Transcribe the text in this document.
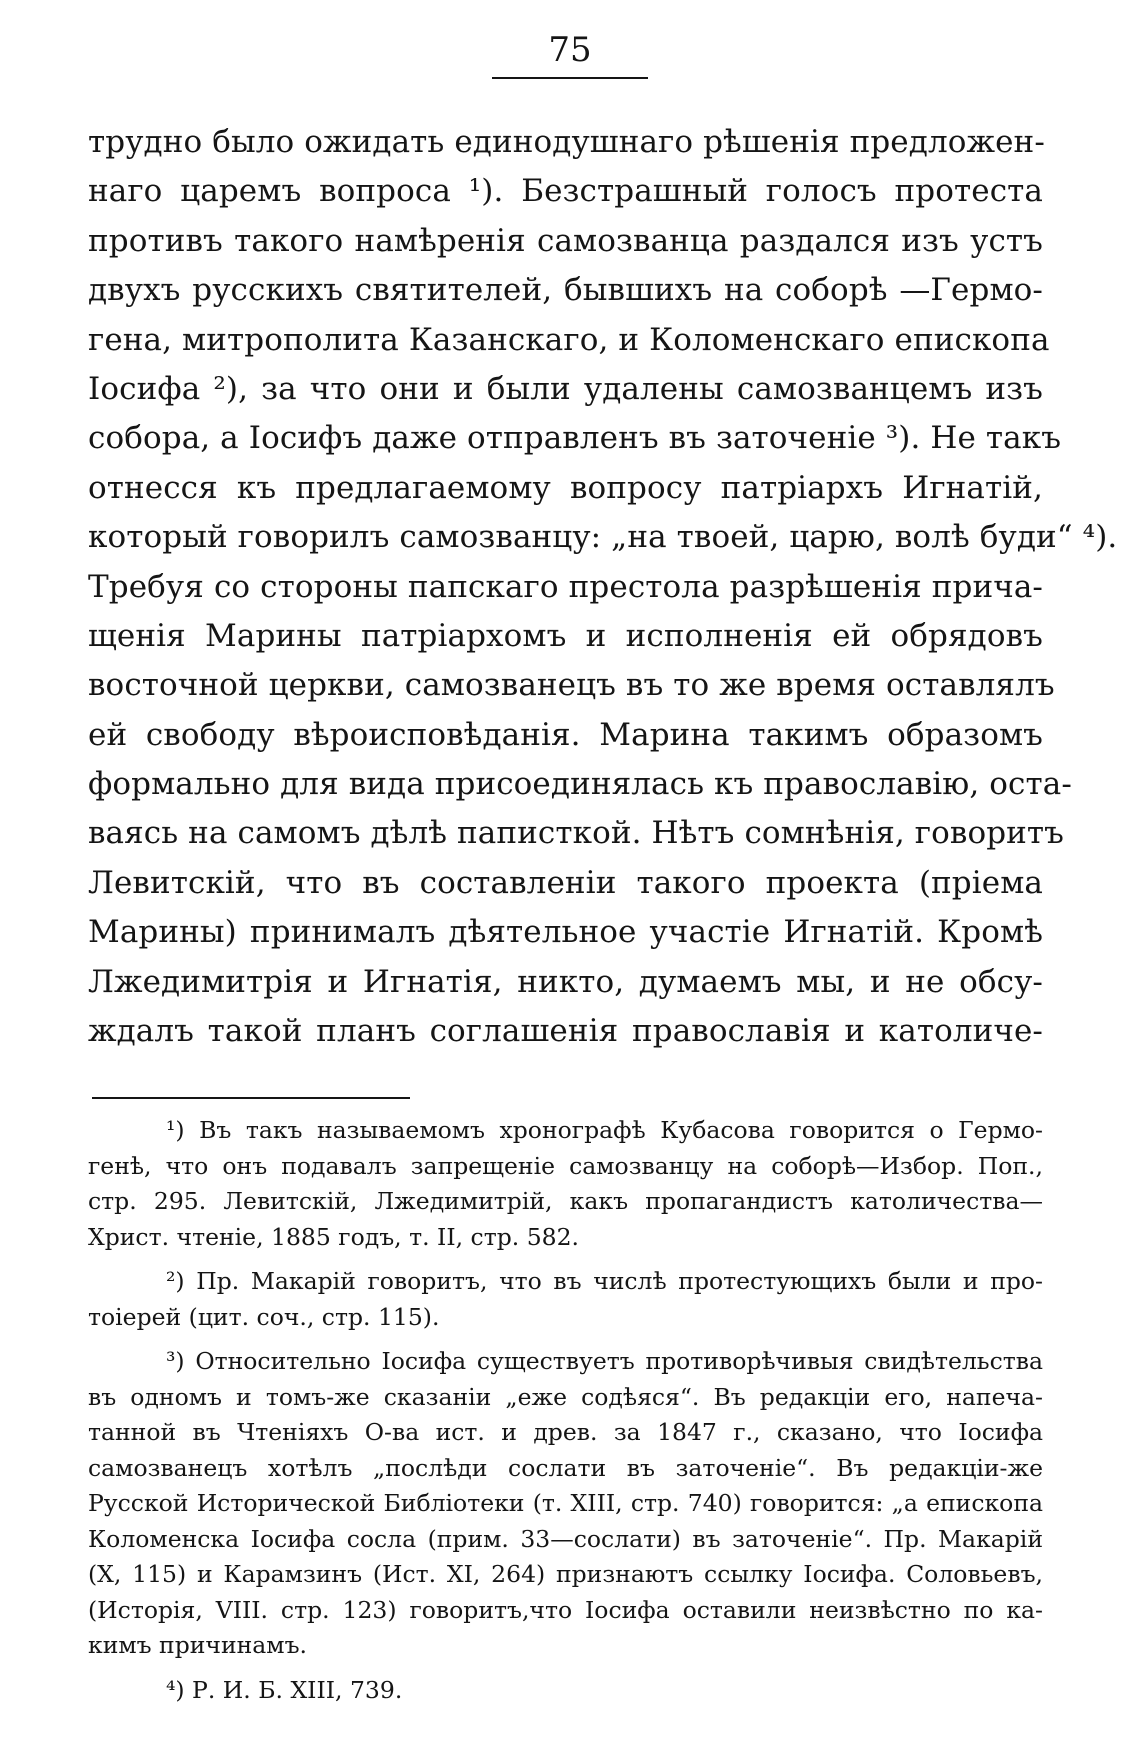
75
трудно было ожидать единодушнаго рѣшенія предложен-
наго царемъ вопроса ¹). Безстрашный голосъ протеста
противъ такого намѣренія самозванца раздался изъ устъ
двухъ русскихъ святителей, бывшихъ на соборѣ —Гермо-
гена, митрополита Казанскаго, и Коломенскаго епископа
Іосифа ²), за что они и были удалены самозванцемъ изъ
собора, а Іосифъ даже отправленъ въ заточеніе ³). Не такъ
отнесся къ предлагаемому вопросу патріархъ Игнатій,
который говорилъ самозванцу: „на твоей, царю, волѣ буди“ ⁴).
Требуя со стороны папскаго престола разрѣшенія прича-
щенія Марины патріархомъ и исполненія ей обрядовъ
восточной церкви, самозванецъ въ то же время оставлялъ
ей свободу вѣроисповѣданія. Марина такимъ образомъ
формально для вида присоединялась къ православію, оста-
ваясь на самомъ дѣлѣ паписткой. Нѣтъ сомнѣнія, говоритъ
Левитскій, что въ составленіи такого проекта (пріема
Марины) принималъ дѣятельное участіе Игнатій. Кромѣ
Лжедимитрія и Игнатія, никто, думаемъ мы, и не обсу-
ждалъ такой планъ соглашенія православія и католиче-
¹) Въ такъ называемомъ хронографѣ Кубасова говорится о Гермо-
генѣ, что онъ подавалъ запрещеніе самозванцу на соборѣ—Избор. Поп.,
стр. 295. Левитскій, Лжедимитрій, какъ пропагандистъ католичества—
Христ. чтеніе, 1885 годъ, т. II, стр. 582.
²) Пр. Макарій говоритъ, что въ числѣ протестующихъ были и про-
тоіерей (цит. соч., стр. 115).
³) Относительно Іосифа существуетъ противорѣчивыя свидѣтельства
въ одномъ и томъ-же сказаніи „еже содѣяся“. Въ редакціи его, напеча-
танной въ Чтеніяхъ О-ва ист. и древ. за 1847 г., сказано, что Іосифа
самозванецъ хотѣлъ „послѣди сослати въ заточеніе“. Въ редакціи-же
Русской Исторической Библіотеки (т. XIII, стр. 740) говорится: „а епископа
Коломенска Іосифа сосла (прим. 33—сослати) въ заточеніе“. Пр. Макарій
(X, 115) и Карамзинъ (Ист. XI, 264) признаютъ ссылку Іосифа. Соловьевъ,
(Исторія, VIII. стр. 123) говоритъ,что Іосифа оставили неизвѣстно по ка-
кимъ причинамъ.
⁴) Р. И. Б. XIII, 739.
